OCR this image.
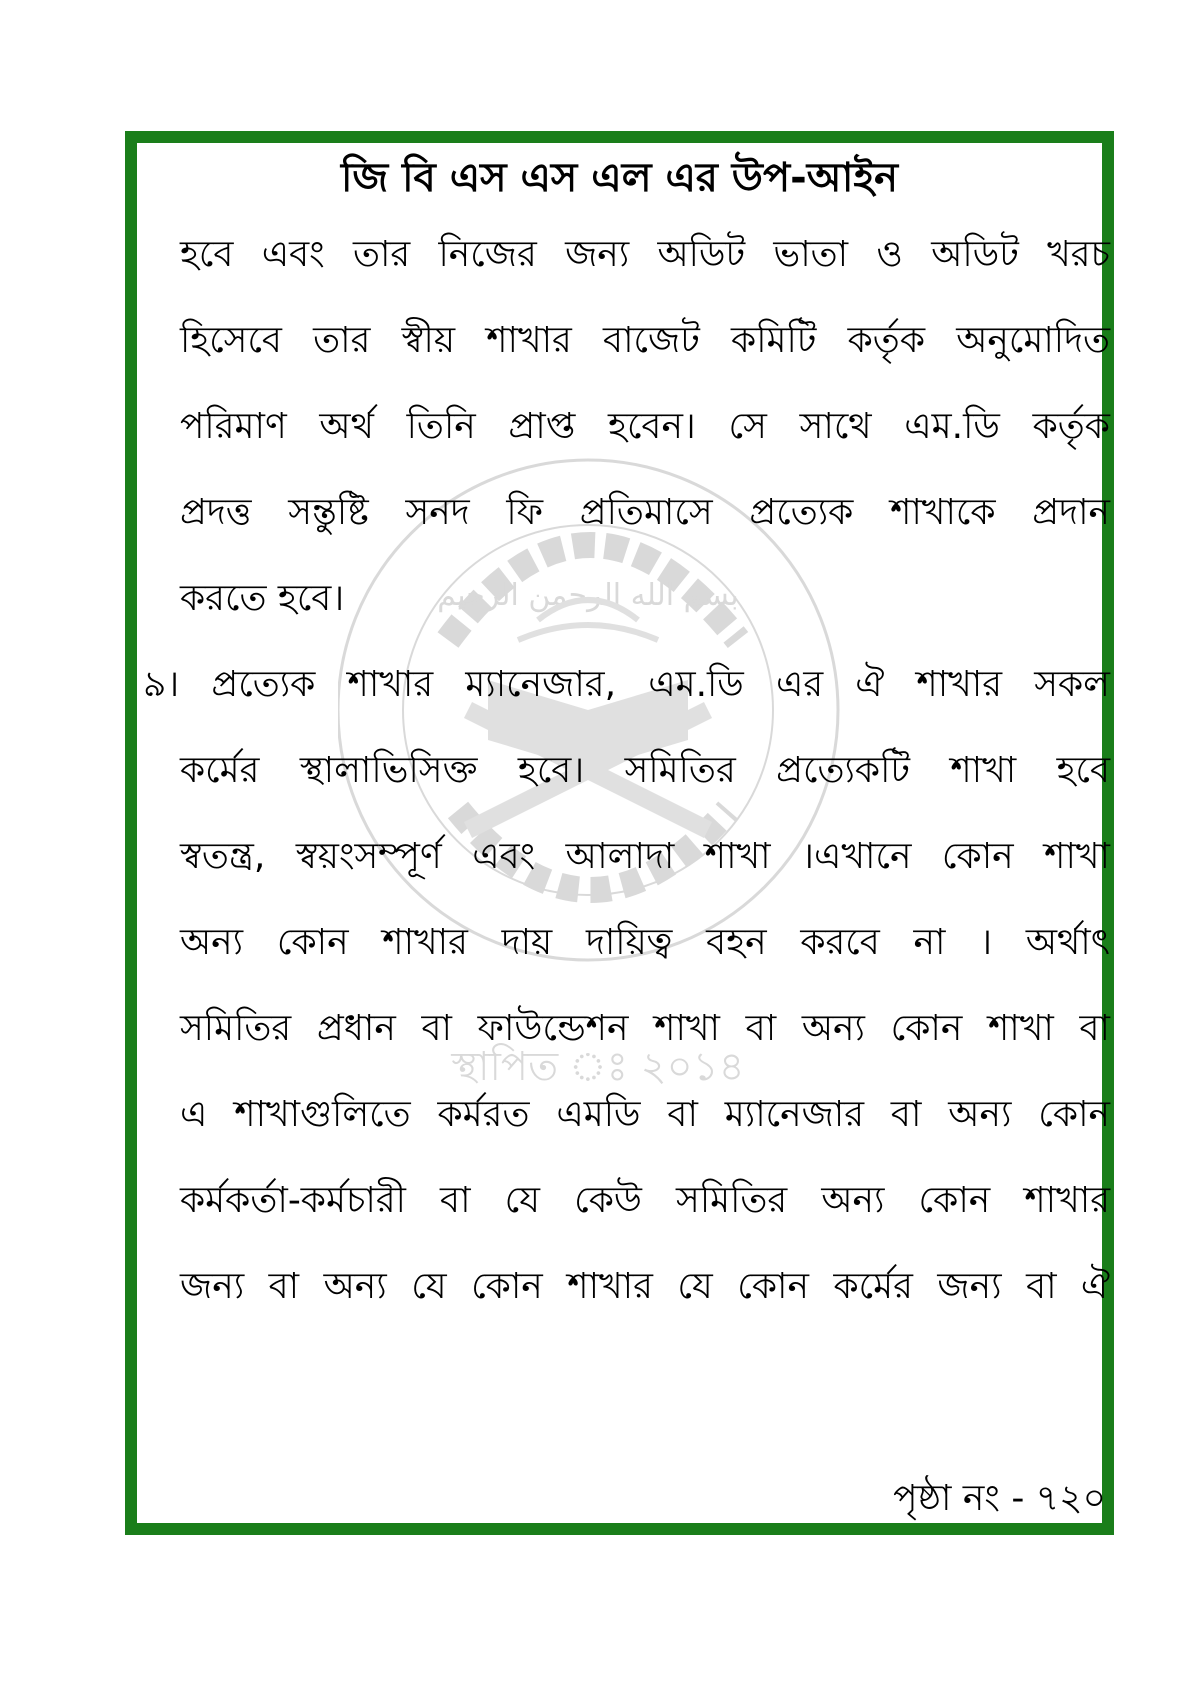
بسم الله الرحمن الرحيم
স্থাপিত ঃ ২০১৪
জি বি এস এস এল এর উপ-আইন
হবে এবং তার নিজের জন্য অডিট ভাতা ও অডিট খরচ
হিসেবে তার স্বীয় শাখার বাজেট কমিটি কর্তৃক অনুমোদিত
পরিমাণ অর্থ তিনি প্রাপ্ত হবেন। সে সাথে এম.ডি কর্তৃক
প্রদত্ত সন্তুষ্টি সনদ ফি প্রতিমাসে প্রত্যেক শাখাকে প্রদান
করতে হবে।
৯। প্রত্যেক শাখার ম্যানেজার, এম.ডি এর ঐ শাখার সকল
কর্মের স্থালাভিসিক্ত হবে। সমিতির প্রত্যেকটি শাখা হবে
স্বতন্ত্র, স্বয়ংসম্পূর্ণ এবং আলাদা শাখা ।এখানে কোন শাখা
অন্য কোন শাখার দায় দায়িত্ব বহন করবে না । অর্থাৎ
সমিতির প্রধান বা ফাউন্ডেশন শাখা বা অন্য কোন শাখা বা
এ শাখাগুলিতে কর্মরত এমডি বা ম্যানেজার বা অন্য কোন
কর্মকর্তা-কর্মচারী বা যে কেউ সমিতির অন্য কোন শাখার
জন্য বা অন্য যে কোন শাখার যে কোন কর্মের জন্য বা ঐ
পৃষ্ঠা নং - ৭২০
